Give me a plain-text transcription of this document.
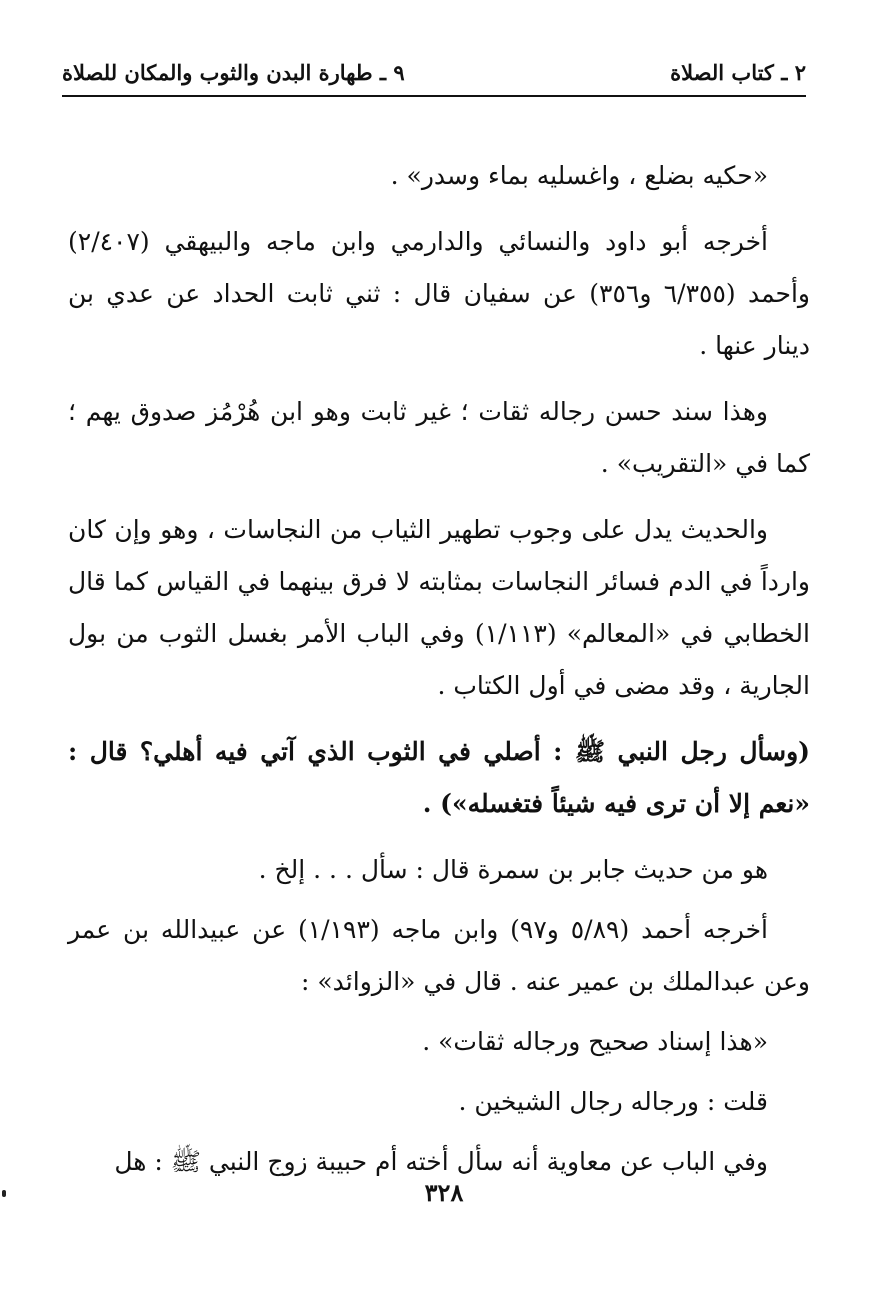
٢ ـ كتاب الصلاة
٩ ـ طهارة البدن والثوب والمكان للصلاة

«حكيه بضلع ، واغسليه بماء وسدر» .

أخرجه أبو داود والنسائي والدارمي وابن ماجه والبيهقي (٢/٤٠٧) وأحمد (٦/٣٥٥ و٣٥٦) عن سفيان قال : ثني ثابت الحداد عن عدي بن دينار عنها .

وهذا سند حسن رجاله ثقات ؛ غير ثابت وهو ابن هُرْمُز صدوق يهم ؛ كما في «التقريب» .

والحديث يدل على وجوب تطهير الثياب من النجاسات ، وهو وإن كان وارداً في الدم فسائر النجاسات بمثابته لا فرق بينهما في القياس كما قال الخطابي في «المعالم» (١/١١٣) وفي الباب الأمر بغسل الثوب من بول الجارية ، وقد مضى في أول الكتاب .

(وسأل رجل النبي ﷺ : أصلي في الثوب الذي آتي فيه أهلي؟ قال : «نعم إلا أن ترى فيه شيئاً فتغسله») .

هو من حديث جابر بن سمرة قال : سأل . . . إلخ .

أخرجه أحمد (٥/٨٩ و٩٧) وابن ماجه (١/١٩٣) عن عبيدالله بن عمر وعن عبدالملك بن عمير عنه . قال في «الزوائد» :

«هذا إسناد صحيح ورجاله ثقات» .

قلت : ورجاله رجال الشيخين .

وفي الباب عن معاوية أنه سأل أخته أم حبيبة زوج النبي ﷺ : هل

٣٢٨
